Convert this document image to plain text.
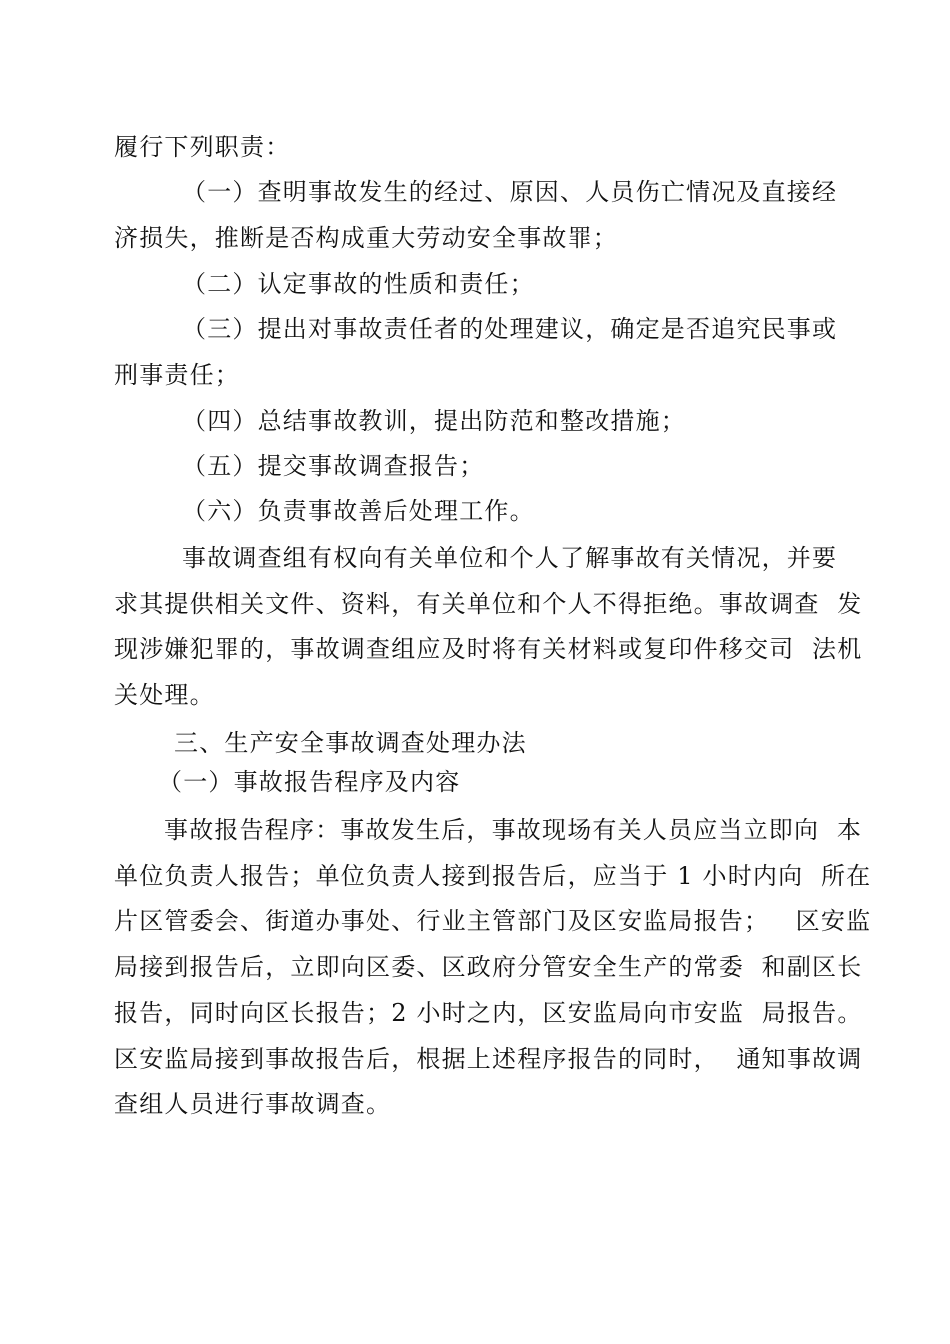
履行下列职责：
（一）查明事故发生的经过、原因、人员伤亡情况及直接经
济损失，推断是否构成重大劳动安全事故罪；
（二）认定事故的性质和责任；
（三）提出对事故责任者的处理建议，确定是否追究民事或
刑事责任；
（四）总结事故教训，提出防范和整改措施；
（五）提交事故调查报告；
（六）负责事故善后处理工作。
事故调查组有权向有关单位和个人了解事故有关情况，并要
求其提供相关文件、资料，有关单位和个人不得拒绝。事故调查  发
现涉嫌犯罪的，事故调查组应及时将有关材料或复印件移交司  法机
关处理。
三、生产安全事故调查处理办法
（一）事故报告程序及内容
事故报告程序：事故发生后，事故现场有关人员应当立即向  本
单位负责人报告；单位负责人接到报告后，应当于 1 小时内向  所在
片区管委会、街道办事处、行业主管部门及区安监局报告；   区安监
局接到报告后，立即向区委、区政府分管安全生产的常委  和副区长
报告，同时向区长报告；2 小时之内，区安监局向市安监  局报告。
区安监局接到事故报告后，根据上述程序报告的同时，  通知事故调
查组人员进行事故调查。
